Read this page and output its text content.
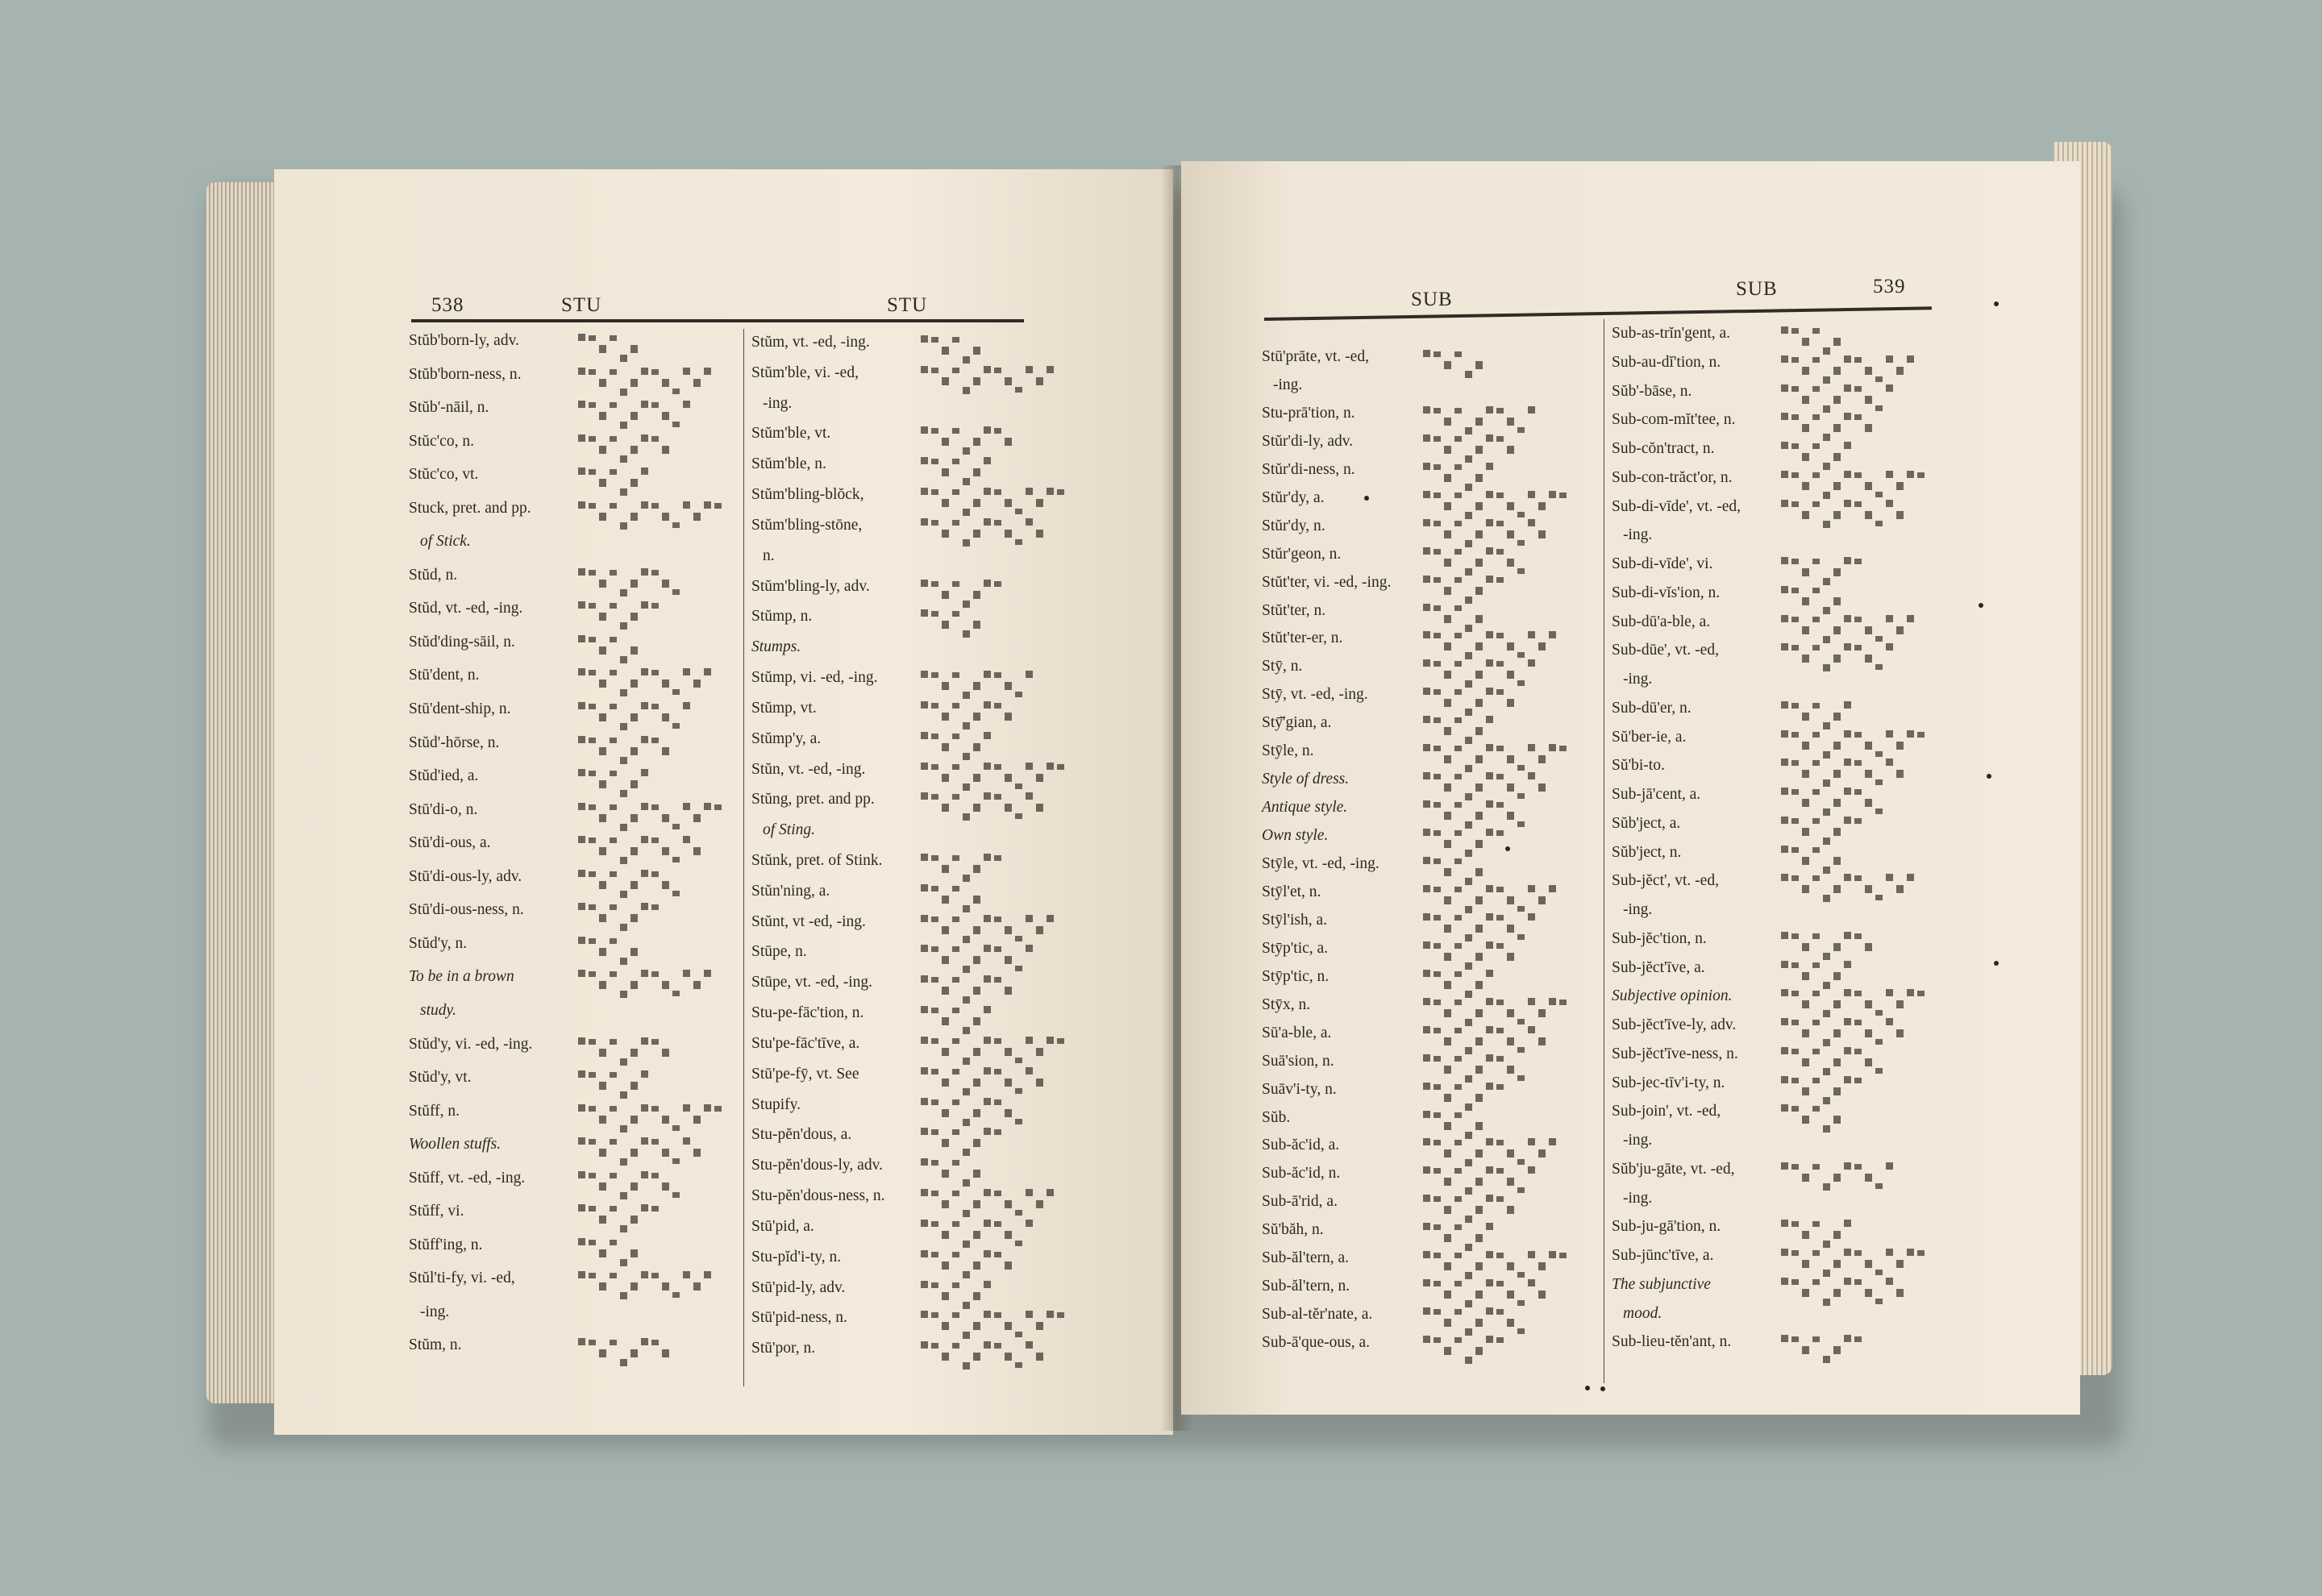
538	STU	STU
Stŭb'born-ly, adv.
Stŭb'born-ness, n.
Stŭb'-nāil, n.
Stŭc'co, n.
Stŭc'co, vt.
Stuck, pret. and pp.
of Stick.
Stŭd, n.
Stŭd, vt. -ed, -ing.
Stŭd'ding-sāil, n.
Stū'dent, n.
Stū'dent-ship, n.
Stŭd'-hōrse, n.
Stŭd'ied, a.
Stū'di-o, n.
Stū'di-ous, a.
Stū'di-ous-ly, adv.
Stū'di-ous-ness, n.
Stŭd'y, n.
To be in a brown
study.
Stŭd'y, vi. -ed, -ing.
Stŭd'y, vt.
Stŭff, n.
Woollen stuffs.
Stŭff, vt. -ed, -ing.
Stŭff, vi.
Stŭff'ing, n.
Stŭl'ti-fy, vi. -ed,
-ing.
Stŭm, n.
Stŭm, vt. -ed, -ing.
Stŭm'ble, vi. -ed,
-ing.
Stŭm'ble, vt.
Stŭm'ble, n.
Stŭm'bling-blŏck,
Stŭm'bling-stōne,
n.
Stŭm'bling-ly, adv.
Stŭmp, n.
Stumps.
Stŭmp, vi. -ed, -ing.
Stŭmp, vt.
Stŭmp'y, a.
Stŭn, vt. -ed, -ing.
Stŭng, pret. and pp.
of Sting.
Stŭnk, pret. of Stink.
Stŭn'ning, a.
Stŭnt, vt -ed, -ing.
Stūpe, n.
Stūpe, vt. -ed, -ing.
Stu-pe-fāc'tion, n.
Stu'pe-fāc'tīve, a.
Stū'pe-fȳ, vt. See
Stupify.
Stu-pĕn'dous, a.
Stu-pĕn'dous-ly, adv.
Stu-pĕn'dous-ness, n.
Stū'pid, a.
Stu-pĭd'i-ty, n.
Stū'pid-ly, adv.
Stū'pid-ness, n.
Stū'por, n.
SUB	SUB	539
Stū'prāte, vt. -ed,
-ing.
Stu-prā'tion, n.
Stŭr'di-ly, adv.
Stŭr'di-ness, n.
Stŭr'dy, a.
Stŭr'dy, n.
Stŭr'geon, n.
Stŭt'ter, vi. -ed, -ing.
Stŭt'ter, n.
Stŭt'ter-er, n.
Stȳ, n.
Stȳ, vt. -ed, -ing.
Stȳ̆'gian, a.
Stȳle, n.
Style of dress.
Antique style.
Own style.
Stȳle, vt. -ed, -ing.
Stȳl'et, n.
Stȳl'ish, a.
Stȳp'tic, a.
Stȳp'tic, n.
Stȳx, n.
Sū'a-ble, a.
Suā'sion, n.
Suāv'i-ty, n.
Sŭb.
Sub-ăc'id, a.
Sub-ăc'id, n.
Sub-ā'rid, a.
Sŭ'băh, n.
Sub-ăl'tern, a.
Sub-ăl'tern, n.
Sub-al-tĕr'nate, a.
Sub-ā'que-ous, a.
Sub-as-trĭn'gent, a.
Sub-au-dĭ'tion, n.
Sŭb'-bāse, n.
Sub-com-mĭt'tee, n.
Sub-cŏn'tract, n.
Sub-con-trăct'or, n.
Sub-di-vīde', vt. -ed,
-ing.
Sub-di-vīde', vi.
Sub-di-vĭs'ion, n.
Sub-dū'a-ble, a.
Sub-dūe', vt. -ed,
-ing.
Sub-dū'er, n.
Sŭ'ber-ie, a.
Sŭ'bi-to.
Sub-jā'cent, a.
Sŭb'ject, a.
Sŭb'ject, n.
Sub-jĕct', vt. -ed,
-ing.
Sub-jĕc'tion, n.
Sub-jĕct'īve, a.
Subjective opinion.
Sub-jĕct'īve-ly, adv.
Sub-jĕct'īve-ness, n.
Sub-jec-tīv'i-ty, n.
Sub-join', vt. -ed,
-ing.
Sŭb'ju-gāte, vt. -ed,
-ing.
Sub-ju-gā'tion, n.
Sub-jūnc'tīve, a.
The subjunctive
mood.
Sub-lieu-tĕn'ant, n.
